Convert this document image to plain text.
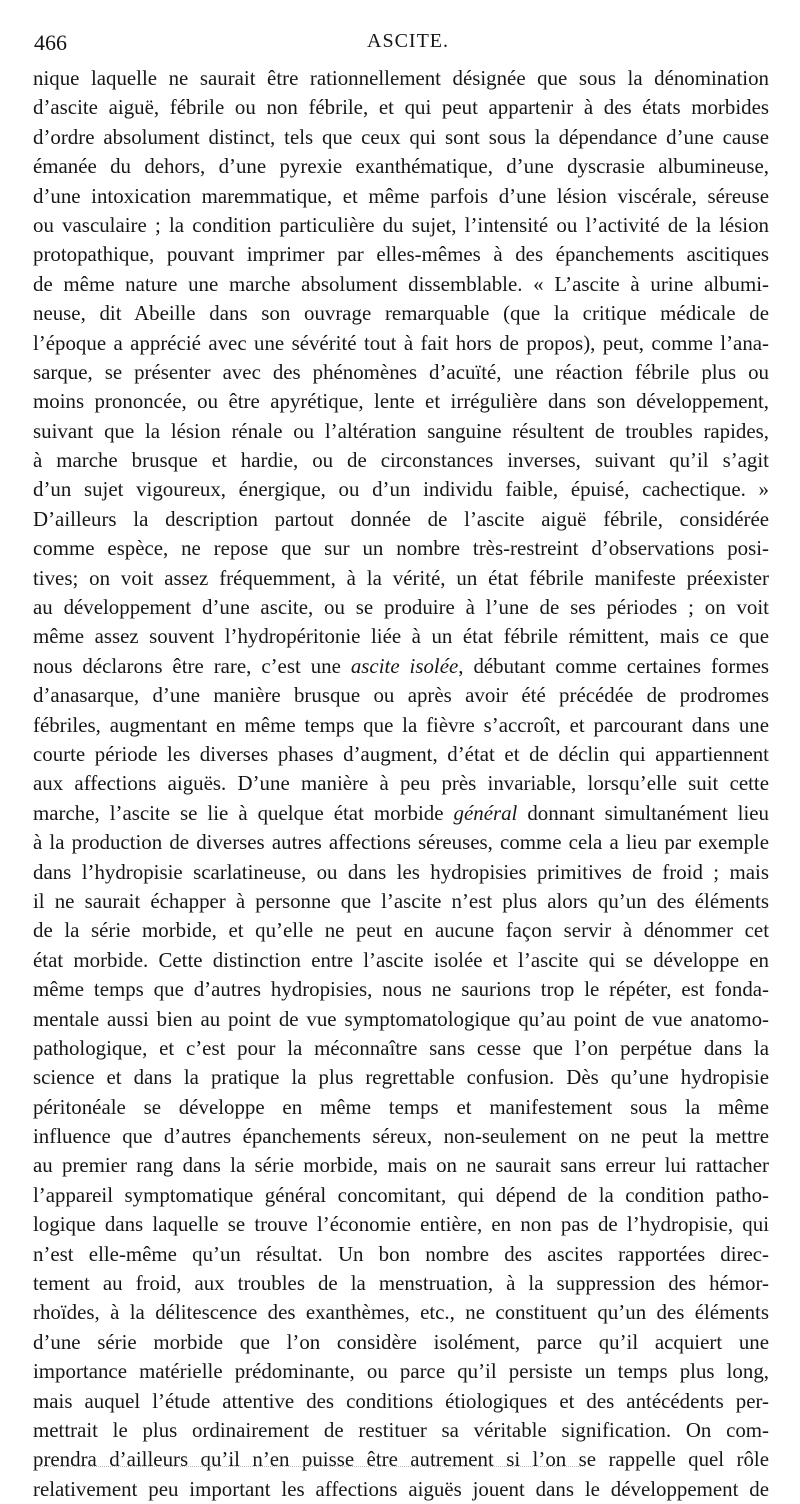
466	ASCITE.
nique laquelle ne saurait être rationnellement désignée que sous la dénomination
d’ascite aiguë, fébrile ou non fébrile, et qui peut appartenir à des états morbides
d’ordre absolument distinct, tels que ceux qui sont sous la dépendance d’une cause
émanée du dehors, d’une pyrexie exanthématique, d’une dyscrasie albumineuse,
d’une intoxication maremmatique, et même parfois d’une lésion viscérale, séreuse
ou vasculaire ; la condition particulière du sujet, l’intensité ou l’activité de la lésion
protopathique, pouvant imprimer par elles-mêmes à des épanchements ascitiques
de même nature une marche absolument dissemblable. « L’ascite à urine albumi-
neuse, dit Abeille dans son ouvrage remarquable (que la critique médicale de
l’époque a apprécié avec une sévérité tout à fait hors de propos), peut, comme l’ana-
sarque, se présenter avec des phénomènes d’acuïté, une réaction fébrile plus ou
moins prononcée, ou être apyrétique, lente et irrégulière dans son développement,
suivant que la lésion rénale ou l’altération sanguine résultent de troubles rapides,
à marche brusque et hardie, ou de circonstances inverses, suivant qu’il s’agit
d’un sujet vigoureux, énergique, ou d’un individu faible, épuisé, cachectique. »
D’ailleurs la description partout donnée de l’ascite aiguë fébrile, considérée
comme espèce, ne repose que sur un nombre très-restreint d’observations posi-
tives; on voit assez fréquemment, à la vérité, un état fébrile manifeste préexister
au développement d’une ascite, ou se produire à l’une de ses périodes ; on voit
même assez souvent l’hydropéritonie liée à un état fébrile rémittent, mais ce que
nous déclarons être rare, c’est une ascite isolée, débutant comme certaines formes
d’anasarque, d’une manière brusque ou après avoir été précédée de prodromes
fébriles, augmentant en même temps que la fièvre s’accroît, et parcourant dans une
courte période les diverses phases d’augment, d’état et de déclin qui appartiennent
aux affections aiguës. D’une manière à peu près invariable, lorsqu’elle suit cette
marche, l’ascite se lie à quelque état morbide général donnant simultanément lieu
à la production de diverses autres affections séreuses, comme cela a lieu par exemple
dans l’hydropisie scarlatineuse, ou dans les hydropisies primitives de froid ; mais
il ne saurait échapper à personne que l’ascite n’est plus alors qu’un des éléments
de la série morbide, et qu’elle ne peut en aucune façon servir à dénommer cet
état morbide. Cette distinction entre l’ascite isolée et l’ascite qui se développe en
même temps que d’autres hydropisies, nous ne saurions trop le répéter, est fonda-
mentale aussi bien au point de vue symptomatologique qu’au point de vue anatomo-
pathologique, et c’est pour la méconnaître sans cesse que l’on perpétue dans la
science et dans la pratique la plus regrettable confusion. Dès qu’une hydropisie
péritonéale se développe en même temps et manifestement sous la même
influence que d’autres épanchements séreux, non-seulement on ne peut la mettre
au premier rang dans la série morbide, mais on ne saurait sans erreur lui rattacher
l’appareil symptomatique général concomitant, qui dépend de la condition patho-
logique dans laquelle se trouve l’économie entière, en non pas de l’hydropisie, qui
n’est elle-même qu’un résultat. Un bon nombre des ascites rapportées direc-
tement au froid, aux troubles de la menstruation, à la suppression des hémor-
rhoïdes, à la délitescence des exanthèmes, etc., ne constituent qu’un des éléments
d’une série morbide que l’on considère isolément, parce qu’il acquiert une
importance matérielle prédominante, ou parce qu’il persiste un temps plus long,
mais auquel l’étude attentive des conditions étiologiques et des antécédents per-
mettrait le plus ordinairement de restituer sa véritable signification. On com-
prendra d’ailleurs qu’il n’en puisse être autrement si l’on se rappelle quel rôle
relativement peu important les affections aiguës jouent dans le développement de
